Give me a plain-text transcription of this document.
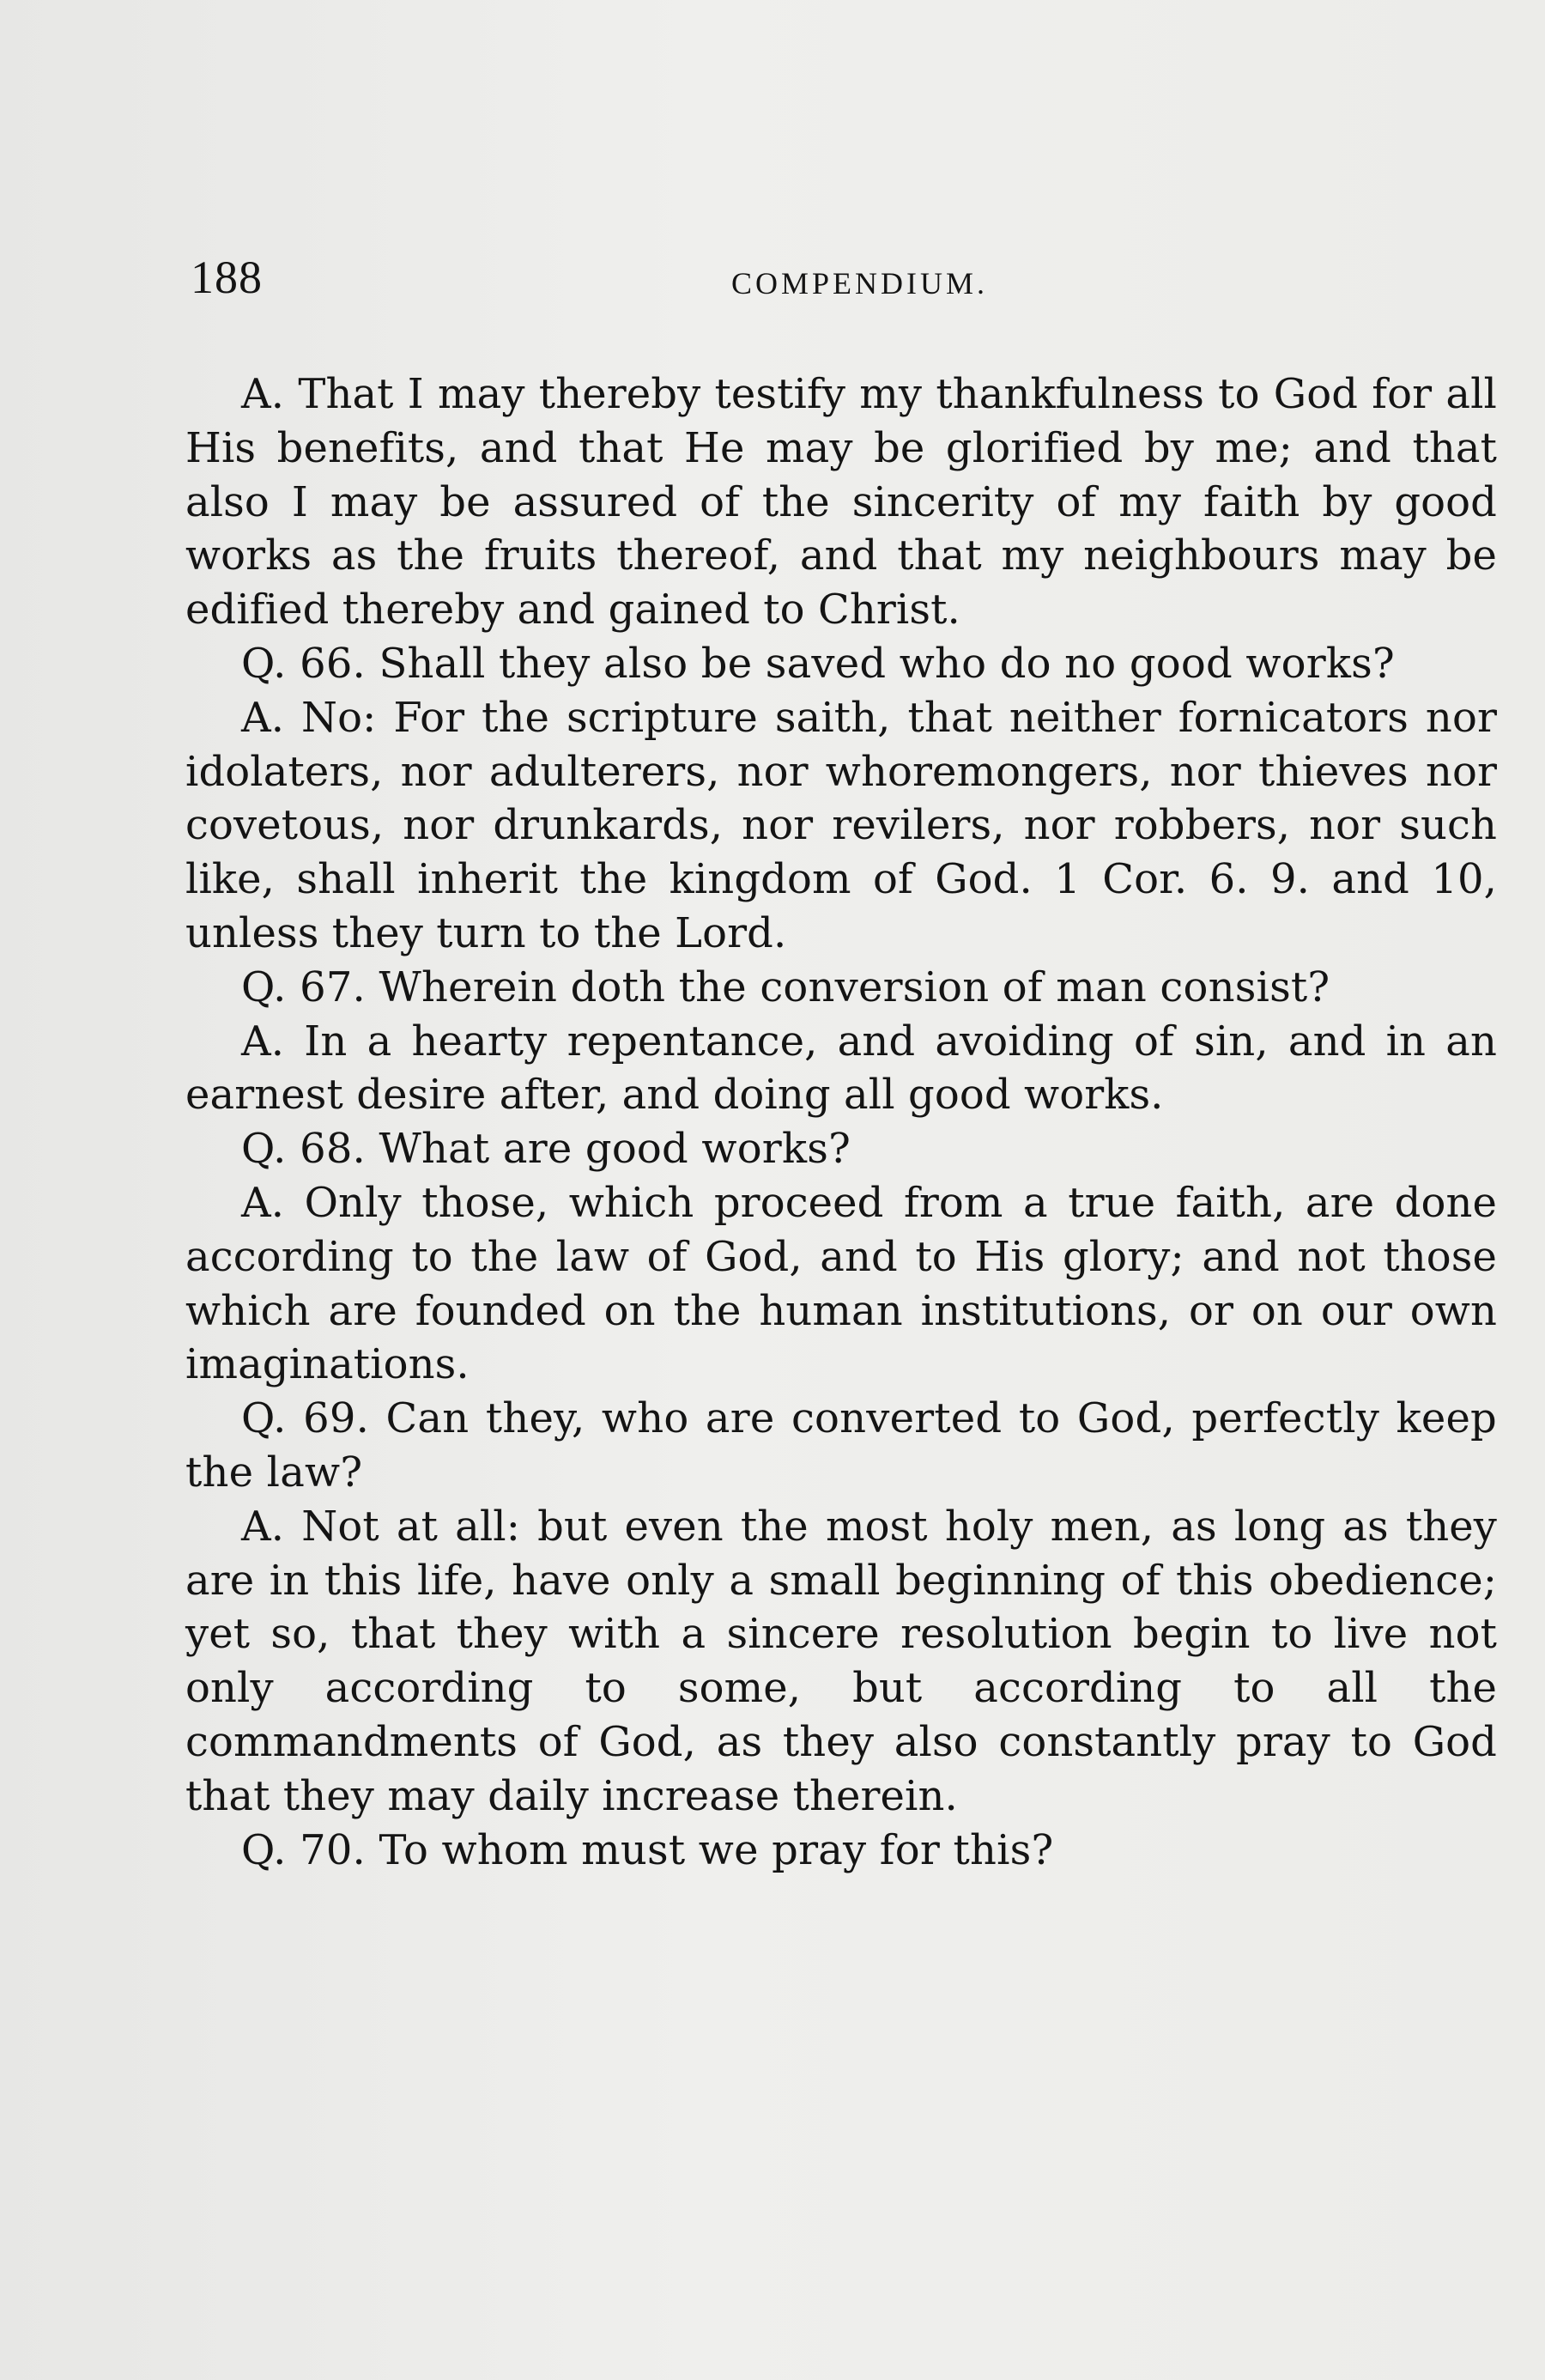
188	COMPENDIUM.

A. That I may thereby testify my thankfulness to God for all His benefits, and that He may be glorified by me; and that also I may be assured of the sincerity of my faith by good works as the fruits thereof, and that my neighbours may be edified thereby and gained to Christ.

Q. 66. Shall they also be saved who do no good works?

A. No: For the scripture saith, that neither fornicators nor idolaters, nor adulterers, nor whoremongers, nor thieves nor covetous, nor drunkards, nor revilers, nor robbers, nor such like, shall inherit the kingdom of God. 1 Cor. 6. 9. and 10, unless they turn to the Lord.

Q. 67. Wherein doth the conversion of man consist?

A. In a hearty repentance, and avoiding of sin, and in an earnest desire after, and doing all good works.

Q. 68. What are good works?

A. Only those, which proceed from a true faith, are done according to the law of God, and to His glory; and not those which are founded on the human institutions, or on our own imaginations.

Q. 69. Can they, who are converted to God, perfectly keep the law?

A. Not at all: but even the most holy men, as long as they are in this life, have only a small beginning of this obedience; yet so, that they with a sincere resolution begin to live not only according to some, but according to all the commandments of God, as they also constantly pray to God that they may daily increase therein.

Q. 70. To whom must we pray for this?
